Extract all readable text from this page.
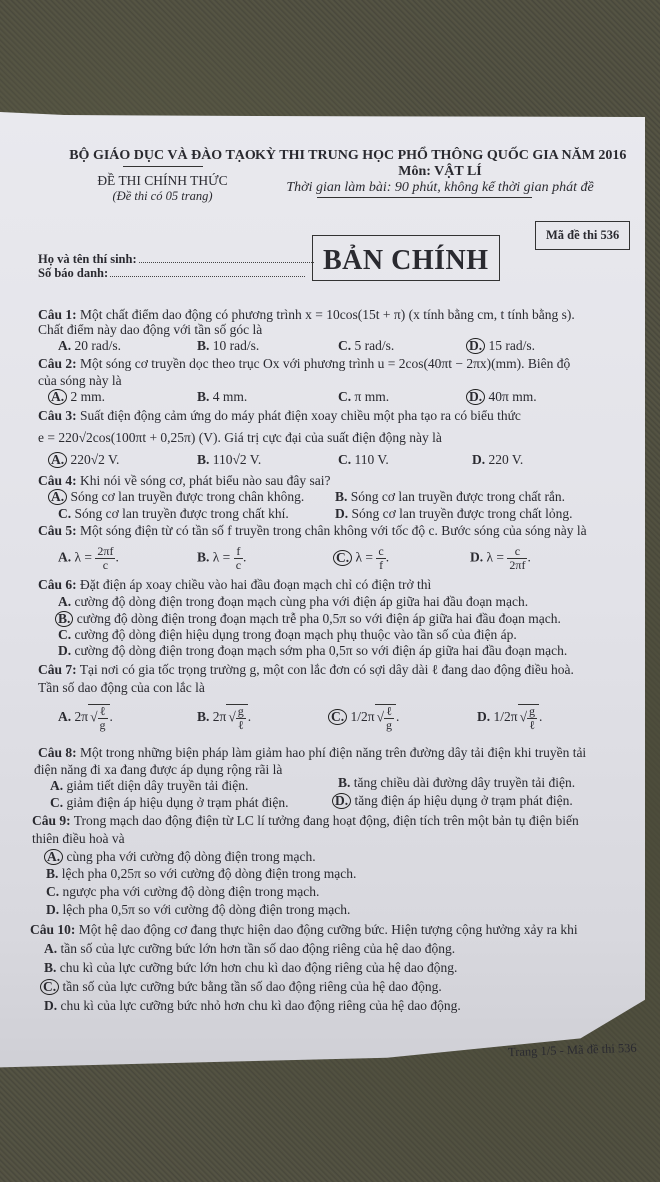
BỘ GIÁO DỤC VÀ ĐÀO TẠO
ĐỀ THI CHÍNH THỨC
(Đề thi có 05 trang)
KỲ THI TRUNG HỌC PHỔ THÔNG QUỐC GIA NĂM 2016
Môn: VẬT LÍ
Thời gian làm bài: 90 phút, không kể thời gian phát đề
Mã đề thi 536
BẢN CHÍNH
Họ và tên thí sinh:
Số báo danh:
Câu 1: Một chất điểm dao động có phương trình x = 10cos(15t + π) (x tính bằng cm, t tính bằng s).
Chất điểm này dao động với tần số góc là
A. 20 rad/s.	B. 10 rad/s.	C. 5 rad/s.	D. 15 rad/s.
Câu 2: Một sóng cơ truyền dọc theo trục Ox với phương trình u = 2cos(40πt − 2πx)(mm). Biên độ
của sóng này là
A. 2 mm.	B. 4 mm.	C. π mm.	D. 40π mm.
Câu 3: Suất điện động cảm ứng do máy phát điện xoay chiều một pha tạo ra có biểu thức
e = 220√2cos(100πt + 0,25π) (V). Giá trị cực đại của suất điện động này là
A. 220√2 V.	B. 110√2 V.	C. 110 V.	D. 220 V.
Câu 4: Khi nói về sóng cơ, phát biểu nào sau đây sai?
A. Sóng cơ lan truyền được trong chân không. B. Sóng cơ lan truyền được trong chất rắn.
C. Sóng cơ lan truyền được trong chất khí.	D. Sóng cơ lan truyền được trong chất lỏng.
Câu 5: Một sóng điện từ có tần số f truyền trong chân không với tốc độ c. Bước sóng của sóng này là
A. $\lambda = \frac{2\pi f}{c}$ .	B. $\lambda = \frac{f}{c}$ .	C. $\lambda = \frac{c}{f}$ .	D. $\lambda = \frac{c}{2\pi f}$ .
Câu 6: Đặt điện áp xoay chiều vào hai đầu đoạn mạch chỉ có điện trở thì
A. cường độ dòng điện trong đoạn mạch cùng pha với điện áp giữa hai đầu đoạn mạch.
B. cường độ dòng điện trong đoạn mạch trễ pha 0,5π so với điện áp giữa hai đầu đoạn mạch.
C. cường độ dòng điện hiệu dụng trong đoạn mạch phụ thuộc vào tần số của điện áp.
D. cường độ dòng điện trong đoạn mạch sớm pha 0,5π so với điện áp giữa hai đầu đoạn mạch.
Câu 7: Tại nơi có gia tốc trọng trường g, một con lắc đơn có sợi dây dài ℓ đang dao động điều hoà.
Tần số dao động của con lắc là
A. 2π √ $\frac{\text{ℓ}}{g}$ .	B. 2π √ $\frac{g}{\text{ℓ}}$ .	C. 1/2π √ $\frac{\text{ℓ}}{g}$ .	D. 1/2π √ $\frac{g}{\text{ℓ}}$ .
Câu 8: Một trong những biện pháp làm giảm hao phí điện năng trên đường dây tải điện khi truyền tải
điện năng đi xa đang được áp dụng rộng rãi là
A. giảm tiết diện dây truyền tải điện.	B. tăng chiều dài đường dây truyền tải điện.
C. giảm điện áp hiệu dụng ở trạm phát điện.	D. tăng điện áp hiệu dụng ở trạm phát điện.
Câu 9: Trong mạch dao động điện từ LC lí tưởng đang hoạt động, điện tích trên một bản tụ điện biến
thiên điều hoà và
A. cùng pha với cường độ dòng điện trong mạch.
B. lệch pha 0,25π so với cường độ dòng điện trong mạch.
C. ngược pha với cường độ dòng điện trong mạch.
D. lệch pha 0,5π so với cường độ dòng điện trong mạch.
Câu 10: Một hệ dao động cơ đang thực hiện dao động cưỡng bức. Hiện tượng cộng hưởng xảy ra khi
A. tần số của lực cưỡng bức lớn hơn tần số dao động riêng của hệ dao động.
B. chu kì của lực cưỡng bức lớn hơn chu kì dao động riêng của hệ dao động.
C. tần số của lực cưỡng bức bằng tần số dao động riêng của hệ dao động.
D. chu kì của lực cưỡng bức nhỏ hơn chu kì dao động riêng của hệ dao động.
Trang 1/5 - Mã đề thi 536
